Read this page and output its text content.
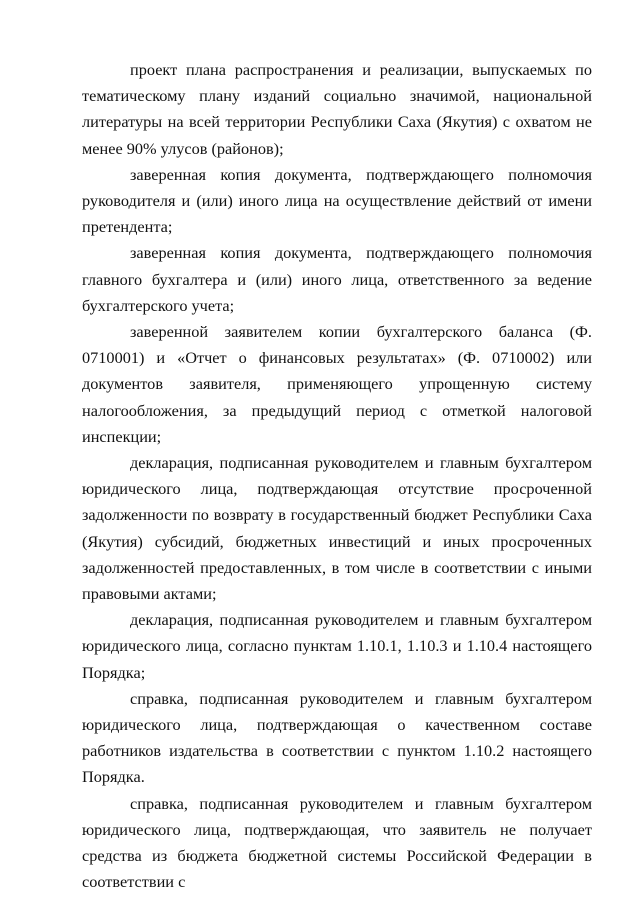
проект плана распространения и реализации, выпускаемых по тематическому плану изданий социально значимой, национальной литературы на всей территории Республики Саха (Якутия) с охватом не менее 90% улусов (районов);

заверенная копия документа, подтверждающего полномочия руководителя и (или) иного лица на осуществление действий от имени претендента;

заверенная копия документа, подтверждающего полномочия главного бухгалтера и (или) иного лица, ответственного за ведение бухгалтерского учета;

заверенной заявителем копии бухгалтерского баланса (Ф. 0710001) и «Отчет о финансовых результатах» (Ф. 0710002) или документов заявителя, применяющего упрощенную систему налогообложения, за предыдущий период с отметкой налоговой инспекции;

декларация, подписанная руководителем и главным бухгалтером юридического лица, подтверждающая отсутствие просроченной задолженности по возврату в государственный бюджет Республики Саха (Якутия) субсидий, бюджетных инвестиций и иных просроченных задолженностей предоставленных, в том числе в соответствии с иными правовыми актами;

декларация, подписанная руководителем и главным бухгалтером юридического лица, согласно пунктам 1.10.1, 1.10.3 и 1.10.4 настоящего Порядка;

справка, подписанная руководителем и главным бухгалтером юридического лица, подтверждающая о качественном составе работников издательства в соответствии с пунктом 1.10.2 настоящего Порядка.

справка, подписанная руководителем и главным бухгалтером юридического лица, подтверждающая, что заявитель не получает средства из бюджета бюджетной системы Российской Федерации в соответствии с
